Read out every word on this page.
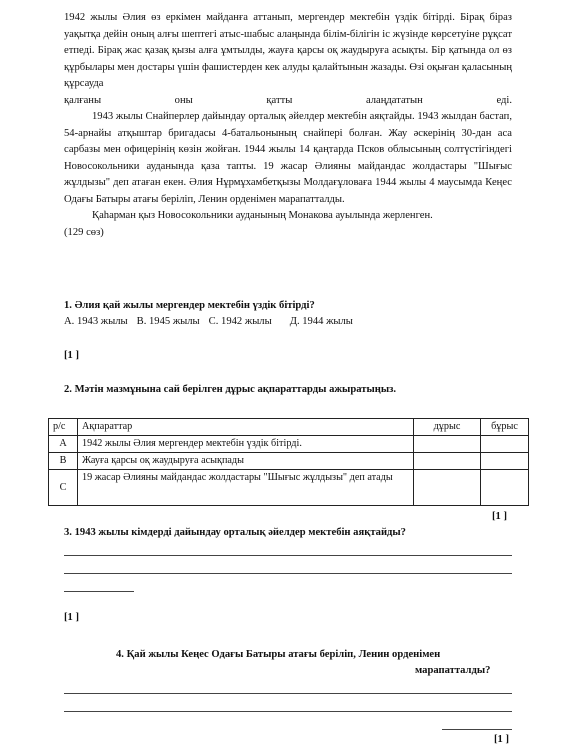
1942 жылы Әлия өз еркімен майданға аттанып, мергендер мектебін үздік бітірді. Бірақ біраз уақытқа дейін оның алғы шептегі атыс-шабыс алаңында білім-білігін іс жүзінде көрсетуіне рұқсат етпеді. Бірақ жас қазақ қызы алға ұмтылды, жауға қарсы оқ жаудыруға асықты. Бір қатында ол өз құрбылары мен достары үшін фашистерден кек алуды қалайтынын жазады. Өзі оқыған қаласының құрсауда

қалғаны оны қатты алаңдататын еді.

1943 жылы Снайперлер дайындау орталық әйелдер мектебін аяқтайды. 1943 жылдан бастап, 54-арнайы атқыштар бригадасы 4-батальонының снайпері болған. Жау әскерінің 30-дан аса сарбазы мен офицерінің көзін жойған. 1944 жылы 14 қаңтарда Псков облысының солтүстігіндегі Новосокольники ауданында қаза тапты. 19 жасар Әлияны майдандас жолдастары "Шығыс жұлдызы" деп атаған екен. Әлия Нұрмұхамбетқызы Молдағұловаға 1944 жылы 4 маусымда Кеңес Одағы Батыры атағы беріліп, Ленин орденімен марапатталды.

Қаһарман қыз Новосокольники ауданының Монакова ауылында жерленген.

(129 сөз)

1. Әлия қай жылы мергендер мектебін үздік бітірді?
А. 1943 жылы В. 1945 жылы С. 1942 жылы Д. 1944 жылы
[1 ]
2. Мәтін мазмұнына сай берілген дұрыс ақпараттарды ажыратыңыз.
р/с	Ақпараттар	дұрыс	бұрыс
А	1942 жылы Әлия мергендер мектебін үздік бітірді.		
В	Жауға қарсы оқ жаудыруға асықпады		
С	19 жасар Әлияны майдандас жолдастары "Шығыс жұлдызы" деп атады		
[1 ]
3. 1943 жылы кімдерді дайындау орталық әйелдер мектебін аяқтайды?
[1 ]
4. Қай жылы Кеңес Одағы Батыры атағы беріліп, Ленин орденімен
марапатталды?
[1 ]
